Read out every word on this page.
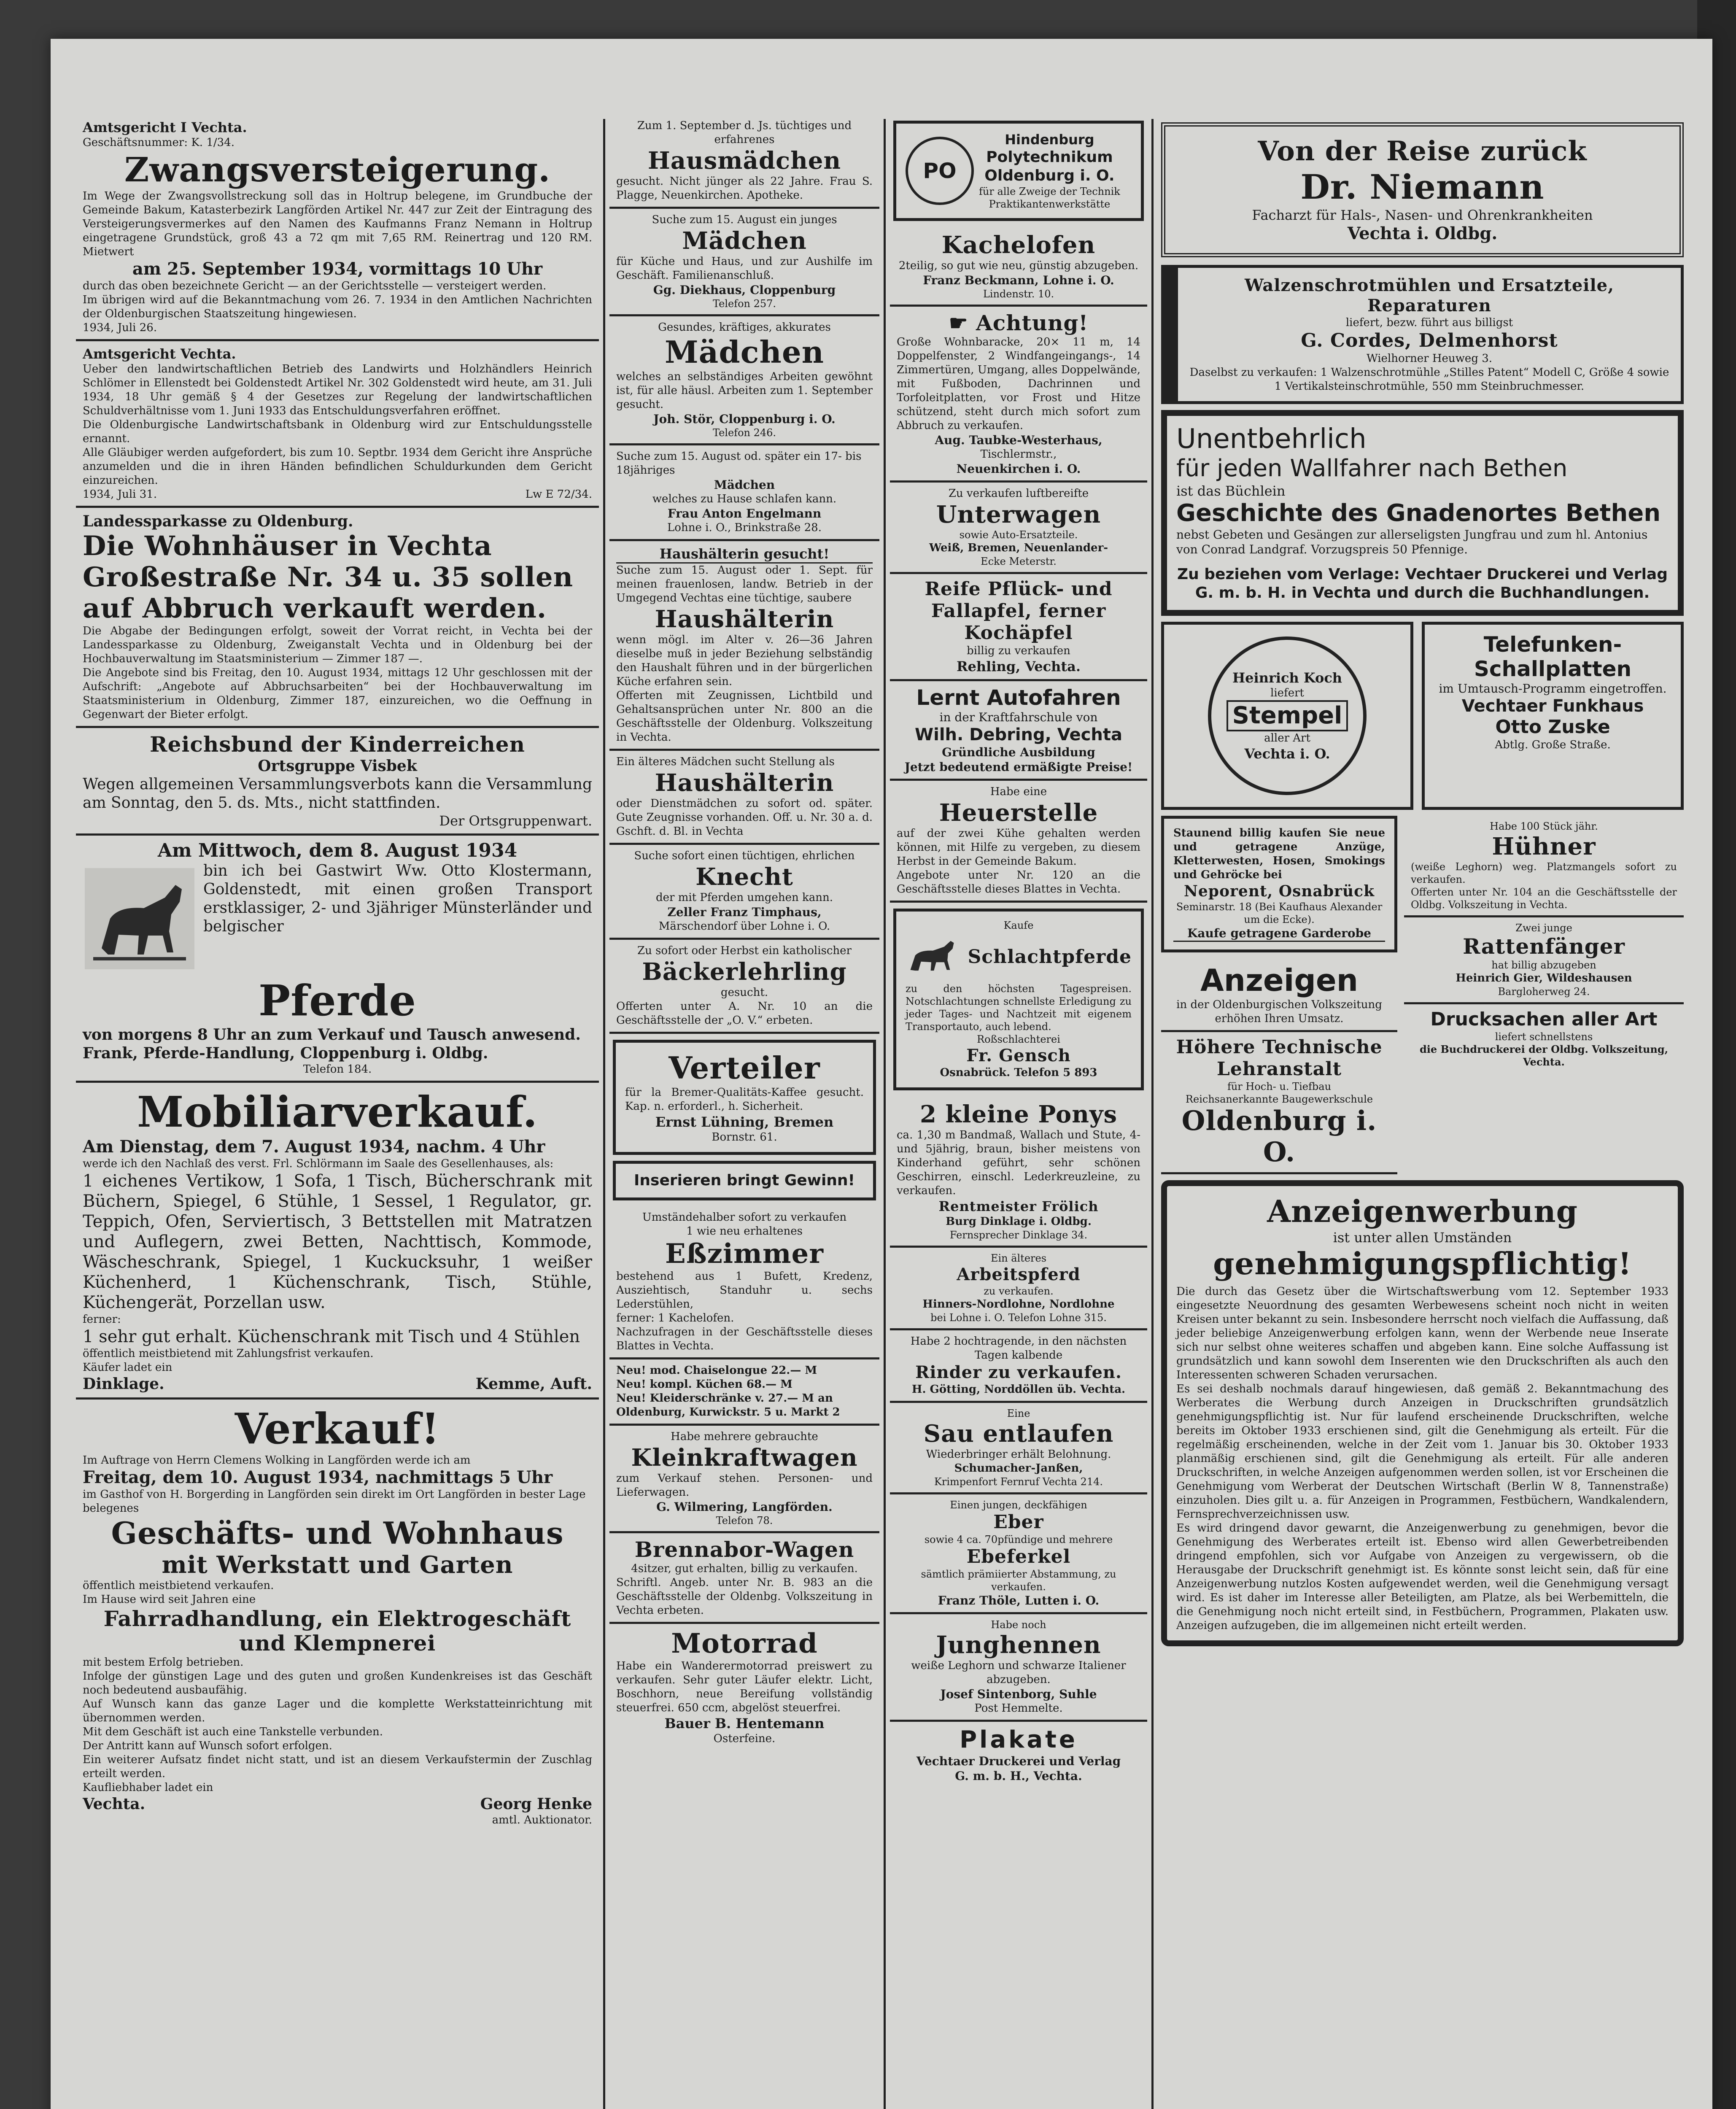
Amtsgericht I Vechta.
Geschäftsnummer: K. 1/34.
Zwangsversteigerung.
Im Wege der Zwangsvollstreckung soll das in Holtrup belegene, im Grundbuche der Gemeinde Bakum, Katasterbezirk Langförden Artikel Nr. 447 zur Zeit der Eintragung des Versteigerungsvermerkes auf den Namen des Kaufmanns Franz Nemann in Holtrup eingetragene Grundstück, groß 43 a 72 qm mit 7,65 RM. Reinertrag und 120 RM. Mietwert
am 25. September 1934, vormittags 10 Uhr
durch das oben bezeichnete Gericht — an der Gerichtsstelle — versteigert werden.
Im übrigen wird auf die Bekanntmachung vom 26. 7. 1934 in den Amtlichen Nachrichten der Oldenburgischen Staatszeitung hingewiesen.
1934, Juli 26.
Amtsgericht Vechta.
Ueber den landwirtschaftlichen Betrieb des Landwirts und Holzhändlers Heinrich Schlömer in Ellenstedt bei Goldenstedt Artikel Nr. 302 Goldenstedt wird heute, am 31. Juli 1934, 18 Uhr gemäß § 4 der Gesetzes zur Regelung der landwirtschaftlichen Schuldverhältnisse vom 1. Juni 1933 das Entschuldungsverfahren eröffnet.
Die Oldenburgische Landwirtschaftsbank in Oldenburg wird zur Entschuldungsstelle ernannt.
Alle Gläubiger werden aufgefordert, bis zum 10. Septbr. 1934 dem Gericht ihre Ansprüche anzumelden und die in ihren Händen befindlichen Schuldurkunden dem Gericht einzureichen.
1934, Juli 31.	Lw E 72/34.
Landessparkasse zu Oldenburg.
Die Wohnhäuser in Vechta Großestraße Nr. 34 u. 35 sollen auf Abbruch verkauft werden.
Die Abgabe der Bedingungen erfolgt, soweit der Vorrat reicht, in Vechta bei der Landessparkasse zu Oldenburg, Zweiganstalt Vechta und in Oldenburg bei der Hochbauverwaltung im Staatsministerium — Zimmer 187 —.
Die Angebote sind bis Freitag, den 10. August 1934, mittags 12 Uhr geschlossen mit der Aufschrift: „Angebote auf Abbruchsarbeiten“ bei der Hochbauverwaltung im Staatsministerium in Oldenburg, Zimmer 187, einzureichen, wo die Oeffnung in Gegenwart der Bieter erfolgt.
Reichsbund der Kinderreichen
Ortsgruppe Visbek
Wegen allgemeinen Versammlungsverbots kann die Versammlung am Sonntag, den 5. ds. Mts., nicht stattfinden.
Der Ortsgruppenwart.
Am Mittwoch, dem 8. August 1934
bin ich bei Gastwirt Ww. Otto Klostermann, Goldenstedt, mit einen großen Transport erstklassiger, 2- und 3jähriger Münsterländer und belgischer
Pferde
von morgens 8 Uhr an zum Verkauf und Tausch anwesend.
Frank, Pferde-Handlung, Cloppenburg i. Oldbg.
Telefon 184.
Mobiliarverkauf.
Am Dienstag, dem 7. August 1934, nachm. 4 Uhr
werde ich den Nachlaß des verst. Frl. Schlörmann im Saale des Gesellenhauses, als:
1 eichenes Vertikow, 1 Sofa, 1 Tisch, Bücherschrank mit Büchern, Spiegel, 6 Stühle, 1 Sessel, 1 Regulator, gr. Teppich, Ofen, Serviertisch, 3 Bettstellen mit Matratzen und Auflegern, zwei Betten, Nachttisch, Kommode, Wäscheschrank, Spiegel, 1 Kuckucksuhr, 1 weißer Küchenherd, 1 Küchenschrank, Tisch, Stühle, Küchengerät, Porzellan usw.
ferner:
1 sehr gut erhalt. Küchenschrank mit Tisch und 4 Stühlen
öffentlich meistbietend mit Zahlungsfrist verkaufen.
Käufer ladet ein
Dinklage.	Kemme, Auft.
Verkauf!
Im Auftrage von Herrn Clemens Wolking in Langförden werde ich am
Freitag, dem 10. August 1934, nachmittags 5 Uhr
im Gasthof von H. Borgerding in Langförden sein direkt im Ort Langförden in bester Lage belegenes
Geschäfts- und Wohnhaus
mit Werkstatt und Garten
öffentlich meistbietend verkaufen.
Im Hause wird seit Jahren eine
Fahrradhandlung, ein Elektrogeschäft und Klempnerei
mit bestem Erfolg betrieben.
Infolge der günstigen Lage und des guten und großen Kundenkreises ist das Geschäft noch bedeutend ausbaufähig.
Auf Wunsch kann das ganze Lager und die komplette Werkstatteinrichtung mit übernommen werden.
Mit dem Geschäft ist auch eine Tankstelle verbunden.
Der Antritt kann auf Wunsch sofort erfolgen.
Ein weiterer Aufsatz findet nicht statt, und ist an diesem Verkaufstermin der Zuschlag erteilt werden.
Kaufliebhaber ladet ein
Vechta.	Georg Henke
amtl. Auktionator.
Zum 1. September d. Js. tüchtiges und erfahrenes
Hausmädchen
gesucht. Nicht jünger als 22 Jahre. Frau S. Plagge, Neuenkirchen. Apotheke.
Suche zum 15. August ein junges
Mädchen
für Küche und Haus, und zur Aushilfe im Geschäft. Familienanschluß.
Gg. Diekhaus, Cloppenburg
Telefon 257.
Gesundes, kräftiges, akkurates
Mädchen
welches an selbständiges Arbeiten gewöhnt ist, für alle häusl. Arbeiten zum 1. September gesucht.
Joh. Stör, Cloppenburg i. O.
Telefon 246.
Suche zum 15. August od. später ein 17- bis 18jähriges
Mädchen
welches zu Hause schlafen kann.
Frau Anton Engelmann
Lohne i. O., Brinkstraße 28.
Haushälterin gesucht!
Suche zum 15. August oder 1. Sept. für meinen frauenlosen, landw. Betrieb in der Umgegend Vechtas eine tüchtige, saubere
Haushälterin
wenn mögl. im Alter v. 26—36 Jahren dieselbe muß in jeder Beziehung selbständig den Haushalt führen und in der bürgerlichen Küche erfahren sein.
Offerten mit Zeugnissen, Lichtbild und Gehaltsansprüchen unter Nr. 800 an die Geschäftsstelle der Oldenburg. Volkszeitung in Vechta.
Ein älteres Mädchen sucht Stellung als
Haushälterin
oder Dienstmädchen zu sofort od. später. Gute Zeugnisse vorhanden. Off. u. Nr. 30 a. d. Gschft. d. Bl. in Vechta
Suche sofort einen tüchtigen, ehrlichen
Knecht
der mit Pferden umgehen kann.
Zeller Franz Timphaus,
Märschendorf über Lohne i. O.
Zu sofort oder Herbst ein katholischer
Bäckerlehrling
gesucht.
Offerten unter A. Nr. 10 an die Geschäftsstelle der „O. V.“ erbeten.
Verteiler
für la Bremer-Qualitäts-Kaffee gesucht. Kap. n. erforderl., h. Sicherheit.
Ernst Lühning, Bremen
Bornstr. 61.
Inserieren bringt Gewinn!
Umständehalber sofort zu verkaufen
1 wie neu erhaltenes
Eßzimmer
bestehend aus 1 Bufett, Kredenz, Ausziehtisch, Standuhr u. sechs Lederstühlen,
ferner: 1 Kachelofen.
Nachzufragen in der Geschäftsstelle dieses Blattes in Vechta.
Neu! mod. Chaiselongue 22.— M
Neu! kompl. Küchen 68.— M
Neu! Kleiderschränke v. 27.— M an
Oldenburg, Kurwickstr. 5 u. Markt 2
Habe mehrere gebrauchte
Kleinkraftwagen
zum Verkauf stehen. Personen- und Lieferwagen.
G. Wilmering, Langförden.
Telefon 78.
Brennabor-Wagen
4sitzer, gut erhalten, billig zu verkaufen.
Schriftl. Angeb. unter Nr. B. 983 an die Geschäftsstelle der Oldenbg. Volkszeitung in Vechta erbeten.
Motorrad
Habe ein Wanderermotorrad preiswert zu verkaufen. Sehr guter Läufer elektr. Licht, Boschhorn, neue Bereifung vollständig steuerfrei. 650 ccm, abgelöst steuerfrei.
Bauer B. Hentemann
Osterfeine.
PO
Hindenburg
Polytechnikum
Oldenburg i. O.
für alle Zweige der Technik
Praktikantenwerkstätte
Kachelofen
2teilig, so gut wie neu, günstig abzugeben.
Franz Beckmann, Lohne i. O.
Lindenstr. 10.
☛ Achtung!
Große Wohnbaracke, 20× 11 m, 14 Doppelfenster, 2 Windfangeingangs-, 14 Zimmertüren, Umgang, alles Doppelwände, mit Fußboden, Dachrinnen und Torfoleitplatten, vor Frost und Hitze schützend, steht durch mich sofort zum Abbruch zu verkaufen.
Aug. Taubke-Westerhaus,
Tischlermstr.,
Neuenkirchen i. O.
Zu verkaufen luftbereifte
Unterwagen
sowie Auto-Ersatzteile.
Weiß, Bremen, Neuenlander-
Ecke Meterstr.
Reife Pflück- und Fallapfel, ferner Kochäpfel
billig zu verkaufen
Rehling, Vechta.
Lernt Autofahren
in der Kraftfahrschule von
Wilh. Debring, Vechta
Gründliche Ausbildung
Jetzt bedeutend ermäßigte Preise!
Habe eine
Heuerstelle
auf der zwei Kühe gehalten werden können, mit Hilfe zu vergeben, zu diesem Herbst in der Gemeinde Bakum.
Angebote unter Nr. 120 an die Geschäftsstelle dieses Blattes in Vechta.
Kaufe
Schlachtpferde
zu den höchsten Tagespreisen. Notschlachtungen schnellste Erledigung zu jeder Tages- und Nachtzeit mit eigenem Transportauto, auch lebend.
Roßschlachterei
Fr. Gensch
Osnabrück. Telefon 5 893
2 kleine Ponys
ca. 1,30 m Bandmaß, Wallach und Stute, 4- und 5jährig, braun, bisher meistens von Kinderhand geführt, sehr schönen Geschirren, einschl. Lederkreuzleine, zu verkaufen.
Rentmeister Frölich
Burg Dinklage i. Oldbg.
Fernsprecher Dinklage 34.
Ein älteres
Arbeitspferd
zu verkaufen.
Hinners-Nordlohne, Nordlohne
bei Lohne i. O. Telefon Lohne 315.
Habe 2 hochtragende, in den nächsten Tagen kalbende
Rinder zu verkaufen.
H. Götting, Norddöllen üb. Vechta.
Eine
Sau entlaufen
Wiederbringer erhält Belohnung.
Schumacher-Janßen,
Krimpenfort Fernruf Vechta 214.
Einen jungen, deckfähigen
Eber
sowie 4 ca. 70pfündige und mehrere
Ebeferkel
sämtlich prämiierter Abstammung, zu verkaufen.
Franz Thöle, Lutten i. O.
Habe noch
Junghennen
weiße Leghorn und schwarze Italiener abzugeben.
Josef Sintenborg, Suhle
Post Hemmelte.
Plakate
Vechtaer Druckerei und Verlag
G. m. b. H., Vechta.
Von der Reise zurück
Dr. Niemann
Facharzt für Hals-, Nasen- und Ohrenkrankheiten
Vechta i. Oldbg.
Walzenschrotmühlen und Ersatzteile, Reparaturen
liefert, bezw. führt aus billigst
G. Cordes, Delmenhorst
Wielhorner Heuweg 3.
Daselbst zu verkaufen: 1 Walzenschrotmühle „Stilles Patent“ Modell C, Größe 4 sowie
1 Vertikalsteinschrotmühle, 550 mm Steinbruchmesser.
Unentbehrlich
für jeden Wallfahrer nach Bethen
ist das Büchlein
Geschichte des Gnadenortes Bethen
nebst Gebeten und Gesängen zur allerseligsten Jungfrau und zum hl. Antonius
von Conrad Landgraf. Vorzugspreis 50 Pfennige.
Zu beziehen vom Verlage: Vechtaer Druckerei und Verlag G. m. b. H. in Vechta und durch die Buchhandlungen.
Heinrich Koch
liefert
Stempel
aller Art
Vechta i. O.
Telefunken-Schallplatten
im Umtausch-Programm eingetroffen.
Vechtaer Funkhaus
Otto Zuske
Abtlg. Große Straße.
Staunend billig kaufen Sie neue und getragene Anzüge, Kletterwesten, Hosen, Smokings und Gehröcke bei
Neporent, Osnabrück
Seminarstr. 18 (Bei Kaufhaus Alexander um die Ecke).
Kaufe getragene Garderobe
Anzeigen
in der Oldenburgischen Volkszeitung erhöhen Ihren Umsatz.
Höhere Technische Lehranstalt
für Hoch- u. Tiefbau
Reichsanerkannte Baugewerkschule
Oldenburg i. O.
Habe 100 Stück jähr.
Hühner
(weiße Leghorn) weg. Platzmangels sofort zu verkaufen.
Offerten unter Nr. 104 an die Geschäftsstelle der Oldbg. Volkszeitung in Vechta.
Zwei junge
Rattenfänger
hat billig abzugeben
Heinrich Gier, Wildeshausen
Bargloherweg 24.
Drucksachen aller Art
liefert schnellstens
die Buchdruckerei der Oldbg. Volkszeitung, Vechta.
Anzeigenwerbung
ist unter allen Umständen
genehmigungspflichtig!
Die durch das Gesetz über die Wirtschaftswerbung vom 12. September 1933 eingesetzte Neuordnung des gesamten Werbewesens scheint noch nicht in weiten Kreisen unter bekannt zu sein. Insbesondere herrscht noch vielfach die Auffassung, daß jeder beliebige Anzeigenwerbung erfolgen kann, wenn der Werbende neue Inserate sich nur selbst ohne weiteres schaffen und abgeben kann. Eine solche Auffassung ist grundsätzlich und kann sowohl dem Inserenten wie den Druckschriften als auch den Interessenten schweren Schaden verursachen.
Es sei deshalb nochmals darauf hingewiesen, daß gemäß 2. Bekanntmachung des Werberates die Werbung durch Anzeigen in Druckschriften grundsätzlich genehmigungspflichtig ist. Nur für laufend erscheinende Druckschriften, welche bereits im Oktober 1933 erschienen sind, gilt die Genehmigung als erteilt. Für die regelmäßig erscheinenden, welche in der Zeit vom 1. Januar bis 30. Oktober 1933 planmäßig erschienen sind, gilt die Genehmigung als erteilt. Für alle anderen Druckschriften, in welche Anzeigen aufgenommen werden sollen, ist vor Erscheinen die Genehmigung vom Werberat der Deutschen Wirtschaft (Berlin W 8, Tannenstraße) einzuholen. Dies gilt u. a. für Anzeigen in Programmen, Festbüchern, Wandkalendern, Fernsprechverzeichnissen usw.
Es wird dringend davor gewarnt, die Anzeigenwerbung zu genehmigen, bevor die Genehmigung des Werberates erteilt ist. Ebenso wird allen Gewerbetreibenden dringend empfohlen, sich vor Aufgabe von Anzeigen zu vergewissern, ob die Herausgabe der Druckschrift genehmigt ist. Es könnte sonst leicht sein, daß für eine Anzeigenwerbung nutzlos Kosten aufgewendet werden, weil die Genehmigung versagt wird. Es ist daher im Interesse aller Beteiligten, am Platze, als bei Werbemitteln, die die Genehmigung noch nicht erteilt sind, in Festbüchern, Programmen, Plakaten usw. Anzeigen aufzugeben, die im allgemeinen nicht erteilt werden.
